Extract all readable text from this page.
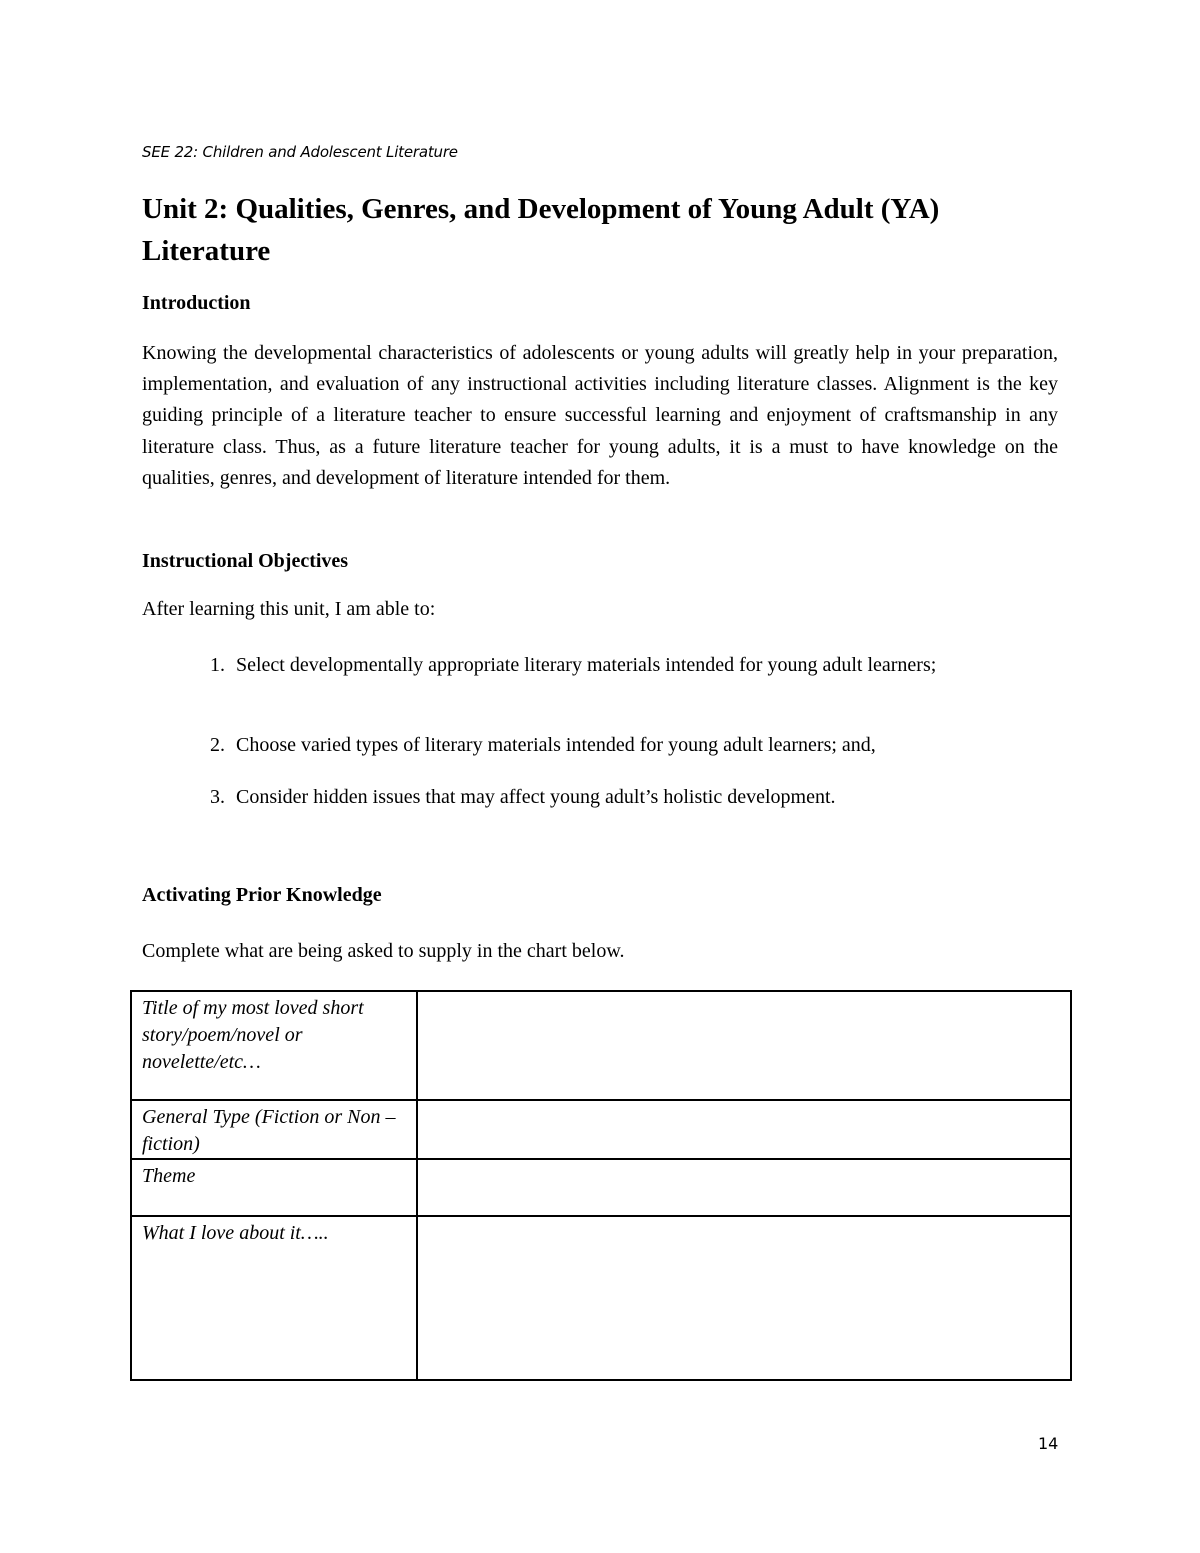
SEE 22: Children and Adolescent Literature
Unit 2: Qualities, Genres, and Development of Young Adult (YA) Literature
Introduction
Knowing the developmental characteristics of adolescents or young adults will greatly help in your preparation, implementation, and evaluation of any instructional activities including literature classes. Alignment is the key guiding principle of a literature teacher to ensure successful learning and enjoyment of craftsmanship in any literature class. Thus, as a future literature teacher for young adults, it is a must to have knowledge on the qualities, genres, and development of literature intended for them.
Instructional Objectives
After learning this unit, I am able to:
1. Select developmentally appropriate literary materials intended for young adult learners;
2. Choose varied types of literary materials intended for young adult learners; and,
3. Consider hidden issues that may affect young adult’s holistic development.
Activating Prior Knowledge
Complete what are being asked to supply in the chart below.
Title of my most loved short story/poem/novel or novelette/etc…	
General Type (Fiction or Non – fiction)	
Theme	
What I love about it…..	
14
